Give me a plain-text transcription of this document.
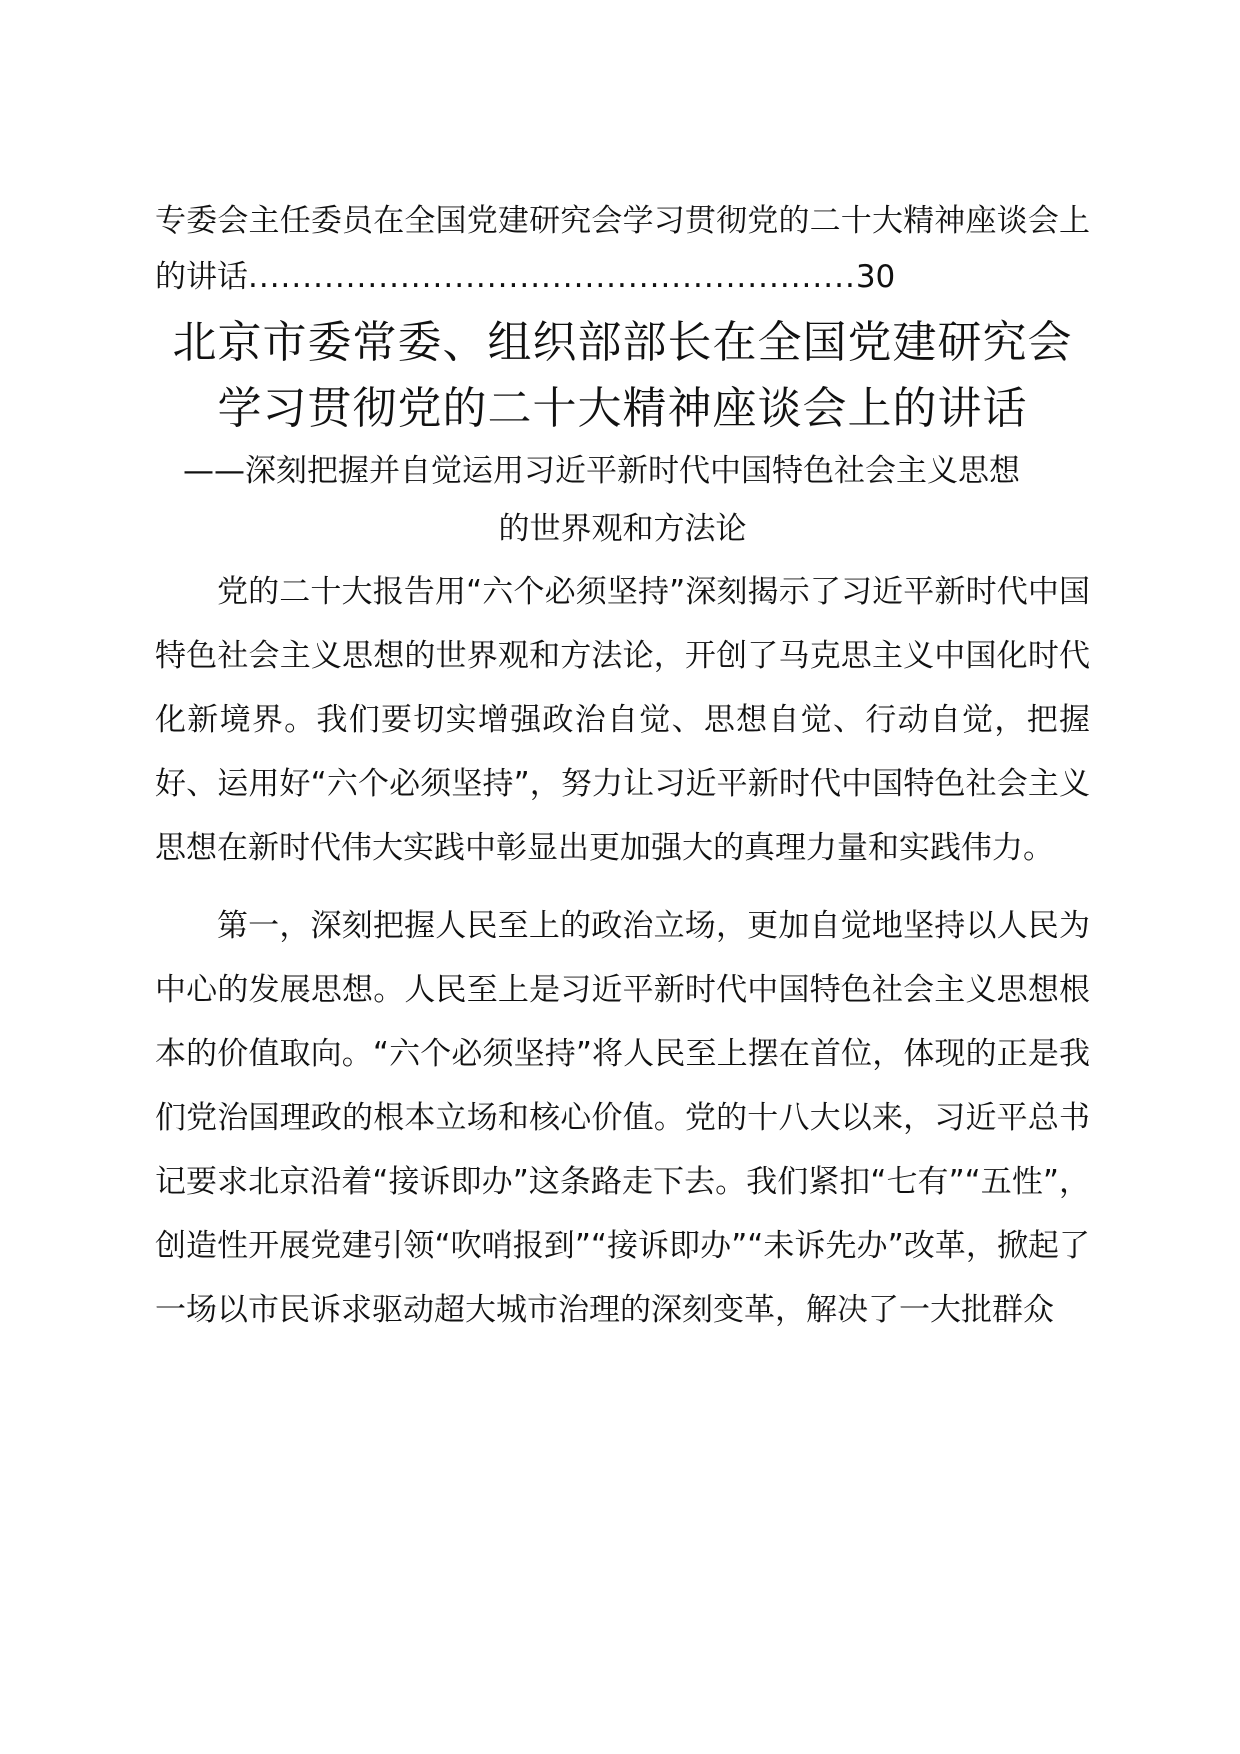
专委会主任委员在全国党建研究会学习贯彻党的二十大精神座谈会上的讲话........................................................30
北京市委常委、组织部部长在全国党建研究会学习贯彻党的二十大精神座谈会上的讲话
——深刻把握并自觉运用习近平新时代中国特色社会主义思想
的世界观和方法论

党的二十大报告用“六个必须坚持”深刻揭示了习近平新时代中国特色社会主义思想的世界观和方法论，开创了马克思主义中国化时代化新境界。我们要切实增强政治自觉、思想自觉、行动自觉，把握好、运用好“六个必须坚持”，努力让习近平新时代中国特色社会主义思想在新时代伟大实践中彰显出更加强大的真理力量和实践伟力。

第一，深刻把握人民至上的政治立场，更加自觉地坚持以人民为中心的发展思想。人民至上是习近平新时代中国特色社会主义思想根本的价值取向。“六个必须坚持”将人民至上摆在首位，体现的正是我们党治国理政的根本立场和核心价值。党的十八大以来，习近平总书记要求北京沿着“接诉即办”这条路走下去。我们紧扣“七有”“五性”，创造性开展党建引领“吹哨报到”“接诉即办”“未诉先办”改革，掀起了一场以市民诉求驱动超大城市治理的深刻变革，解决了一大批群众
